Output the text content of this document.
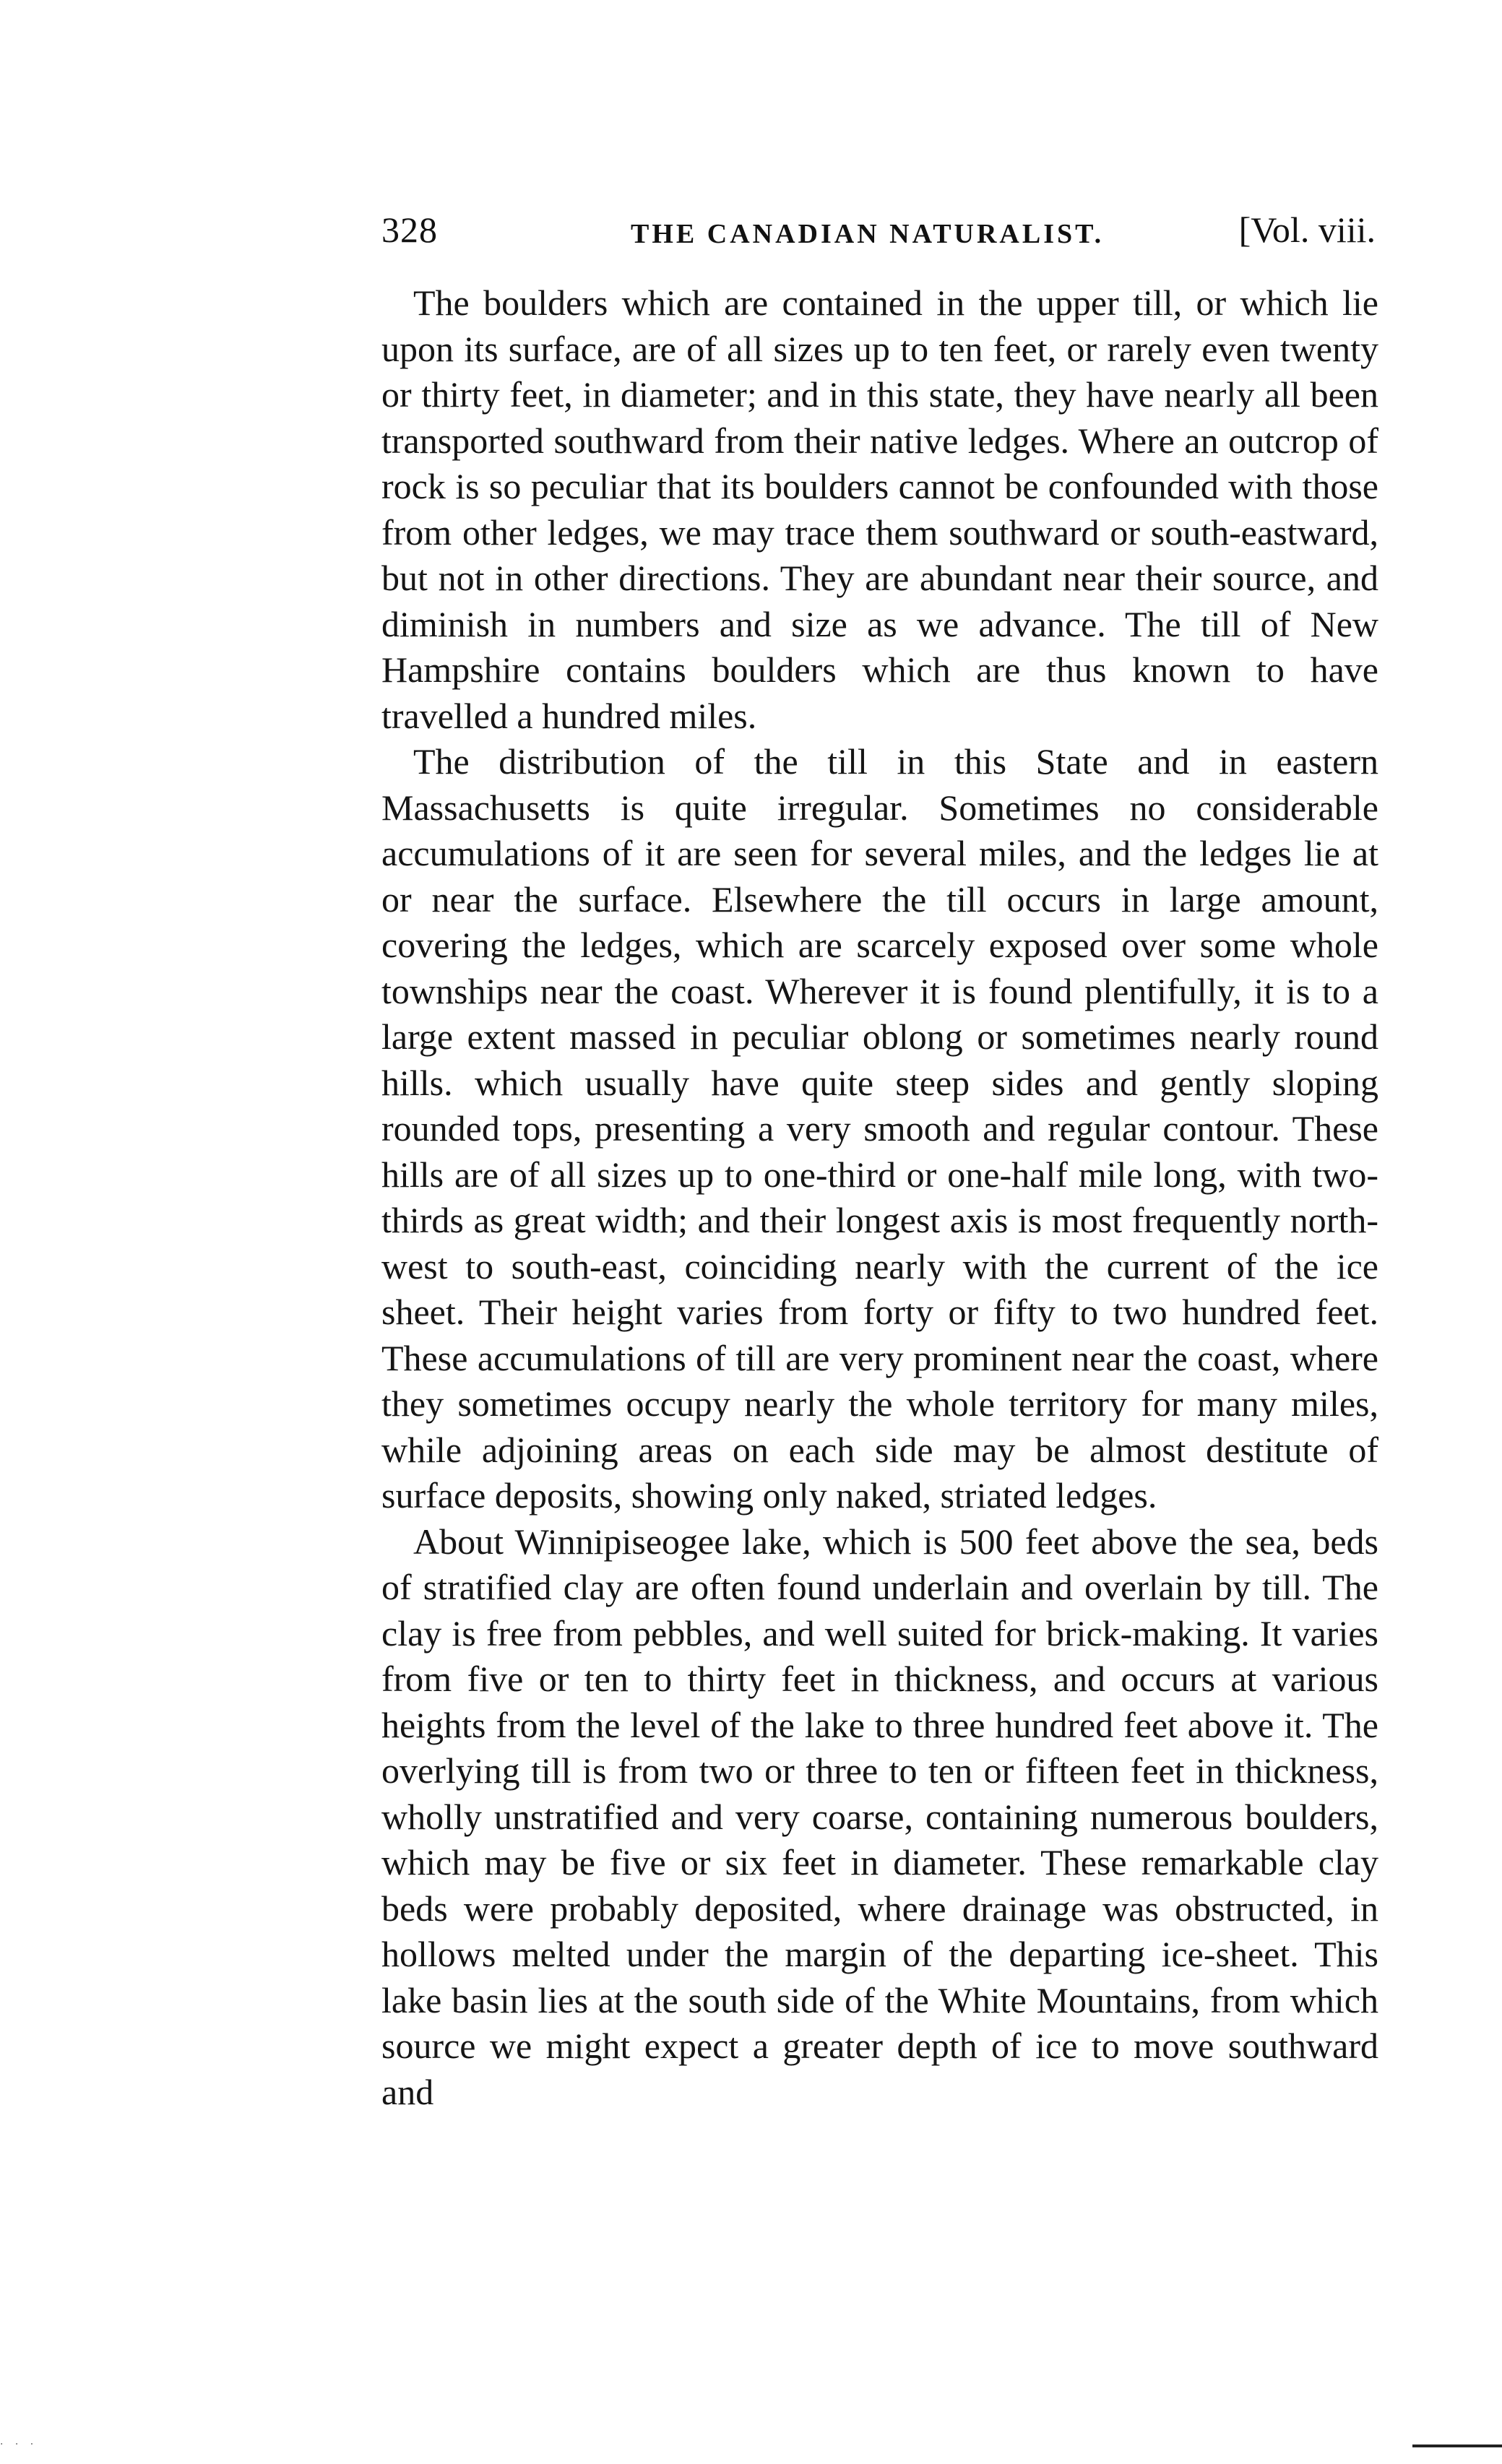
328	THE CANADIAN NATURALIST.	[Vol. viii.

The boulders which are contained in the upper till, or which lie upon its surface, are of all sizes up to ten feet, or rarely even twenty or thirty feet, in diameter; and in this state, they have nearly all been transported southward from their native ledges. Where an outcrop of rock is so peculiar that its boulders cannot be confounded with those from other ledges, we may trace them southward or south-eastward, but not in other directions. They are abundant near their source, and diminish in numbers and size as we advance. The till of New Hampshire contains boulders which are thus known to have travelled a hundred miles.

The distribution of the till in this State and in eastern Massachusetts is quite irregular. Sometimes no considerable accumulations of it are seen for several miles, and the ledges lie at or near the surface. Elsewhere the till occurs in large amount, covering the ledges, which are scarcely exposed over some whole townships near the coast. Wherever it is found plentifully, it is to a large extent massed in peculiar oblong or sometimes nearly round hills. which usually have quite steep sides and gently sloping rounded tops, presenting a very smooth and regular contour. These hills are of all sizes up to one-third or one-half mile long, with two-thirds as great width; and their longest axis is most frequently north-west to south-east, coinciding nearly with the current of the ice sheet. Their height varies from forty or fifty to two hundred feet. These accumulations of till are very prominent near the coast, where they sometimes occupy nearly the whole territory for many miles, while adjoining areas on each side may be almost destitute of surface deposits, showing only naked, striated ledges.

About Winnipiseogee lake, which is 500 feet above the sea, beds of stratified clay are often found underlain and overlain by till. The clay is free from pebbles, and well suited for brick-making. It varies from five or ten to thirty feet in thickness, and occurs at various heights from the level of the lake to three hundred feet above it. The overlying till is from two or three to ten or fifteen feet in thickness, wholly unstratified and very coarse, containing numerous boulders, which may be five or six feet in diameter. These remarkable clay beds were probably deposited, where drainage was obstructed, in hollows melted under the margin of the departing ice-sheet. This lake basin lies at the south side of the White Mountains, from which source we might expect a greater depth of ice to move southward and

· · ·
